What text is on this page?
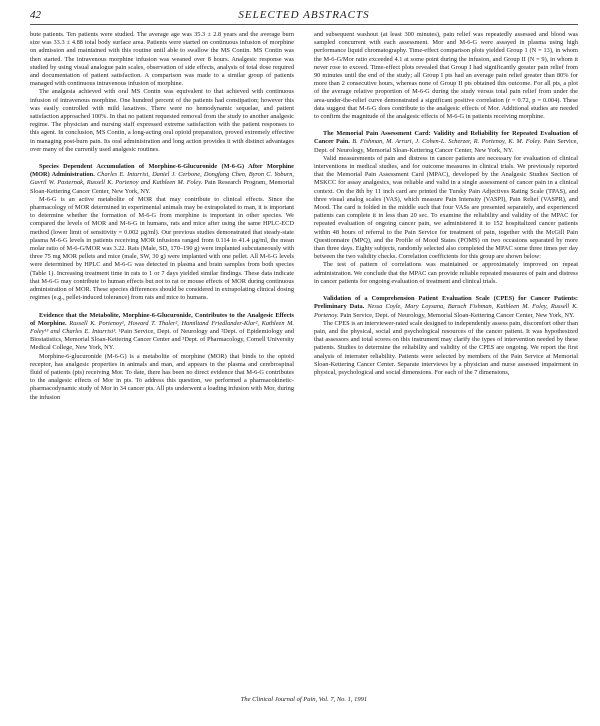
42	SELECTED ABSTRACTS

bute patients. Ten patients were studied. The average age was 35.3 ± 2.8 years and the average burn size was 33.3 ± 4.88 total body surface area. Patients were started on continuous infusion of morphine on admission and maintained with this routine until able to swallow the MS Contin. MS Contin was then started. The intravenous morphine infusion was weaned over 8 hours. Analgesic response was studied by using visual analogue pain scales, observation of side effects, analysis of total dose required and documentation of patient satisfaction. A comparison was made to a similar group of patients managed with continuous intravenous infusion of morphine.

The analgesia achieved with oral MS Contin was equivalent to that achieved with continuous infusion of intravenous morphine. One hundred percent of the patients had constipation; however this was easily controlled with mild laxatives. There were no hemodynamic sequelae, and patient satisfaction approached 100%. In that no patient requested removal from the study to another analgesic regime. The physician and nursing staff expressed extreme satisfaction with the patient responses to this agent. In conclusion, MS Contin, a long-acting oral opioid preparation, proved extremely effective in managing post-burn pain. Its oral administration and long action provides it with distinct advantages over many of the currently used analgesic routines.

Species Dependent Accumulation of Morphine-6-Glucuronide (M-6-G) After Morphine (MOR) Administration. Charles E. Inturrisi, Daniel J. Cerbone, Dongfang Chen, Byron C. Yoburn, Gavril W. Pasternak, Russell K. Portenoy and Kathleen M. Foley. Pain Research Program, Memorial Sloan-Kettering Cancer Center, New York, NY.

M-6-G is an active metabolite of MOR that may contribute to clinical effects. Since the pharmacology of MOR determined in experimental animals may be extrapolated to man, it is important to determine whether the formation of M-6-G from morphine is important in other species. We compared the levels of MOR and M-6-G in humans, rats and mice after using the same HPLC-ECD method (lower limit of sensitivity = 0.002 µg/ml). Our previous studies demonstrated that steady-state plasma M-6-G levels in patients receiving MOR infusions ranged from 0.114 to 41.4 µg/ml, the mean molar ratio of M-6-G/MOR was 3.22. Rats (Male, SD, 170–190 g) were implanted subcutaneously with three 75 mg MOR pellets and mice (male, SW, 30 g) were implanted with one pellet. All M-6-G levels were determined by HPLC and M-6-G was detected in plasma and brain samples from both species (Table 1). Increasing treatment time in rats to 1 or 7 days yielded similar findings. These data indicate that M-6-G may contribute to human effects but not to rat or mouse effects of MOR during continuous administration of MOR. These species differences should be considered in extrapolating clinical dosing regimes (e.g., pellet-induced tolerance) from rats and mice to humans.

Evidence that the Metabolite, Morphine-6-Glucuronide, Contributes to the Analgesic Effects of Morphine. Russell K. Portenoy¹, Howard T. Thaler², Hamiltand Friedlander-Klar², Kathleen M. Foley¹³ and Charles E. Inturrisi³. ¹Pain Service, Dept. of Neurology and ²Dept. of Epidemiology and Biostatistics, Memorial Sloan-Kettering Cancer Center and ³Dept. of Pharmacology, Cornell University Medical College, New York, NY.

Morphine-6-glucuronide (M-6-G) is a metabolite of morphine (MOR) that binds to the opioid receptor, has analgesic properties in animals and man, and appears in the plasma and cerebrospinal fluid of patients (pts) receiving Mor. To date, there has been no direct evidence that M-6-G contributes to the analgesic effects of Mor in pts. To address this question, we performed a pharmacokinetic-pharmacodynamic study of Mor in 34 cancer pts. All pts underwent a loading infusion with Mor, during the infusion

and subsequent washout (at least 300 minutes), pain relief was repeatedly assessed and blood was sampled concurrent with each assessment. Mor and M-6-G were assayed in plasma using high performance liquid chromatography. Time-effect comparison plots yielded Group 1 (N = 13), in whom the M-6-G/Mor ratio exceeded 4.1 at some point during the infusion, and Group II (N = 9), in whom it never rose to exceed. Time-effect plots revealed that Group I had significantly greater pain relief from 90 minutes until the end of the study; all Group I pts had an average pain relief greater than 80% for more than 2 consecutive hours, whereas none of Group II pts obtained this outcome. For all pts, a plot of the average relative proportion of M-6-G during the study versus total pain relief from under the area-under-the-relief curve demonstrated a significant positive correlation (r = 0.72, p = 0.004). These data suggest that M-6-G does contribute to the analgesic effects of Mor. Additional studies are needed to confirm the magnitude of the analgesic effects of M-6-G in patients receiving morphine.

The Memorial Pain Assessment Card: Validity and Reliability for Repeated Evaluation of Cancer Pain. B. Fishman, M. Arruri, J. Cohen-L. Scherzer, R. Portenoy, K. M. Foley. Pain Service, Dept. of Neurology, Memorial Sloan-Kettering Cancer Center, New York, NY.

Valid measurements of pain and distress in cancer patients are necessary for evaluation of clinical interventions in medical studies, and for outcome measures in clinical trials. We previously reported that the Memorial Pain Assessment Card (MPAC), developed by the Analgesic Studies Section of MSKCC for assay analgesics, was reliable and valid in a single assessment of cancer pain in a clinical context. On the 8th by 11 inch card are printed the Tursky Pain Adjectives Rating Scale (TPAS), and three visual analog scales (VAS), which measure Pain Intensity (VASPI), Pain Relief (VASPR), and Mood. The card is folded in the middle such that four VASs are presented separately, and experienced patients can complete it in less than 20 sec. To examine the reliability and validity of the MPAC for repeated evaluation of ongoing cancer pain, we administered it to 152 hospitalized cancer patients within 48 hours of referral to the Pain Service for treatment of pain, together with the McGill Pain Questionnaire (MPQ), and the Profile of Mood States (POMS) on two occasions separated by more than three days. Eighty subjects, randomly selected also completed the MPAC some three times per day between the two validity checks. Correlation coefficients for this group are shown below:

The test of pattern of correlations was maintained or approximately improved on repeat administration. We conclude that the MPAC can provide reliable repeated measures of pain and distress in cancer patients for ongoing evaluation of treatment and clinical trials.

Validation of a Comprehension Patient Evaluation Scale (CPES) for Cancer Patients: Preliminary Data. Nessa Coyle, Mary Loysana, Baruch Fishman, Kathleen M. Foley, Russell K. Portenoy. Pain Service, Dept. of Neurology, Memorial Sloan-Kettering Cancer Center, New York, NY.

The CPES is an interviewer-rated scale designed to independently assess pain, discomfort other than pain, and the physical, social and psychological resources of the cancer patient. It was hypothesized that assessors and total scores on this instrument may clarify the types of intervention needed by these patients. Studies to determine the reliability and validity of the CPES are ongoing. We report the first analysis of interrater reliability. Patients were selected by members of the Pain Service at Memorial Sloan-Kettering Cancer Center. Separate interviews by a physician and nurse assessed impairment in physical, psychological and social dimensions. For each of the 7 dimensions,

The Clinical Journal of Pain, Vol. 7, No. 1, 1991
